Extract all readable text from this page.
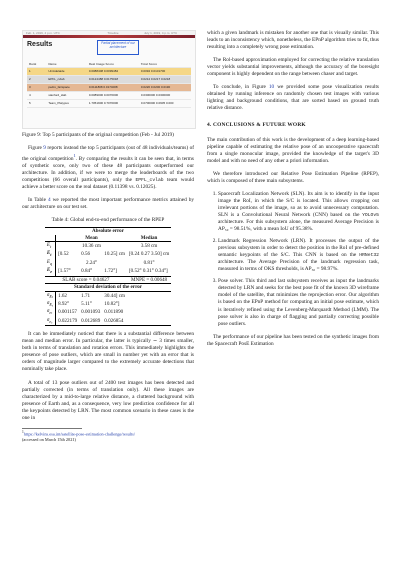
Feb. 1, 2019, 4 p.m. UTC	Timeline	July 1, 2019, 4 p.m. UTC
Results	Partial placement of our architecture
Rank	Name	Real Image Score	Total Score
1	UniAdelaide	0.0088408 0.0099484	0.0094 0.0101700
2	EPFL_cvlab	0.0124488 0.0175018	0.0214 0.0217 0.0218
3	pedro_fairspace	0.0111808 0.0174008	0.0220 0.0200 0.0190
4	stanford_slab	0.0089000 0.0070000	0.0300000 0.0300000
5	Team_Platypus	1.7051900 0.7070000	0.0700000 0.0905 0.000

Figure 9: Top 5 participants of the original competition (Feb - Jul 2019)

Figure 9 reports instead the top 5 participants (out of 48 individuals/teams) of the original competition$^1$. By comparing the results it can be seen that, in terms of synthetic score, only two of these 48 participants outperformed our architecture. In addition, if we were to merge the leaderboards of the two competitions (66 overall participants), only the EPFL_cvlab team would achieve a better score on the real dataset (0.11398 vs. 0.12025).

In Table 4 we reported the most important performance metrics attained by our architecture on our test set.

Table 4: Global end-to-end performance of the RPEP
Absolute error				
	Mean			Median
$E_t$	10.36 cm			3.58 cm
$E_t$	[0.52	0.56	10.25] cm	[0.24 0.27 3.50] cm
$E_q$	2.24°			0.81°
$E_e$	[1.57°	0.84°	1.72°]	[0.52° 0.31° 0.34°]
SLAB score = 0.04627				MNPE = 0.00648
Standard deviation of the error				
$\sigma_{E_t}$	1.62	1.71	30.44] cm	
$\sigma_{E_e}$	8.92°	5.11°	10.82°]	
$\sigma_{e_t}$	0.001157	0.001093	0.011890	
$\sigma_{e_e}$	0.022179	0.012689	0.026854	

It can be immediately noticed that there is a substantial difference between mean and median error. In particular, the latter is typically ∼ 3 times smaller, both in terms of translation and rotation errors. This immediately highlights the presence of pose outliers, which are small in number yet with an error that is orders of magnitude larger compared to the extremely accurate detections that nominally take place.

A total of 13 pose outliers out of 2400 test images has been detected and partially corrected (in terms of translation only). All these images are characterized by a mid-to-large relative distance, a cluttered background with presence of Earth and, as a consequence, very low prediction confidence for all the keypoints detected by LRN. The most common scenario in these cases is the one in

$^1$https://kelvins.esa.int/satellite-pose-estimation-challenge/results/
(accessed on March 15th 2021)

which a given landmark is mistaken for another one that is visually similar. This leads to an inconsistency which, nonetheless, the EPnP algorithm tries to fit, thus resulting into a completely wrong pose estimation.

The Rol-based approximation employed for correcting the relative translation vector yields substantial improvements, although the accuracy of the boresight component is highly dependent on the range between chaser and target.

To conclude, in Figure 10 we provided some pose visualization results obtained by running inference on randomly chosen test images with various lighting and background conditions, that are sorted based on ground truth relative distance.

4. CONCLUSIONS & FUTURE WORK

The main contribution of this work is the development of a deep learning-based pipeline capable of estimating the relative pose of an uncooperative spacecraft from a single monocular image, provided the knowledge of the target's 3D model and with no need of any other a priori information.

We therefore introduced our Relative Pose Estimation Pipeline (RPEP), which is composed of three main subsystems.

1. Spacecraft Localization Network (SLN). Its aim is to identify in the input image the RoI, in which the S/C is located. This allows cropping out irrelevant portions of the image, so as to avoid unnecessary computation. SLN is a Convolutional Neural Network (CNN) based on the YOLOv5 architecture. For this subsystem alone, the measured Average Precision is AP₅₀ = 98.51%, with a mean IoU of 95.38%.
2. Landmark Regression Network (LRN). It processes the output of the previous subsystem in order to detect the position in the RoI of pre-defined semantic keypoints of the S/C. This CNN is based on the HRNet32 architecture. The Average Precision of the landmark regression task, measured in terms of OKS thresholds, is AP₅₀ = 98.97%.
3. Pose solver. This third and last subsystem receives as input the landmarks detected by LRN and seeks for the best pose fit of the known 3D wireframe model of the satellite, that minimizes the reprojection error. Our algorithm is based on the EPnP method for computing an initial pose estimate, which is iteratively refined using the Levenberg-Marquardt Method (LMM). The pose solver is also in charge of flagging and partially correcting possible pose outliers.

The performance of our pipeline has been tested on the synthetic images from the Spacecraft PosE Estimation
